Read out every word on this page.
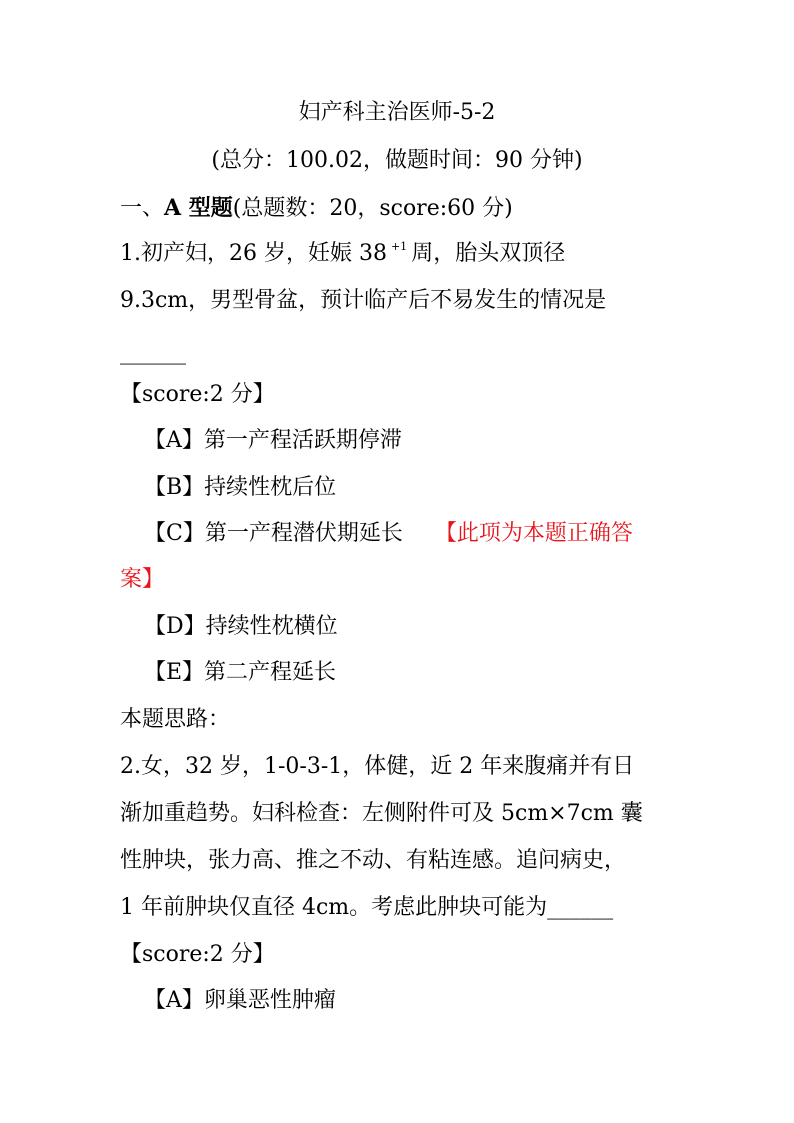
妇产科主治医师-5-2
(总分：100.02，做题时间：90 分钟)
一、A 型题(总题数：20，score:60 分)
1.初产妇，26 岁，妊娠 38 $^{+1}$ 周，胎头双顶径
9.3cm，男型骨盆，预计临产后不易发生的情况是
______
【score:2 分】
【A】第一产程活跃期停滞
【B】持续性枕后位
【C】第一产程潜伏期延长 【此项为本题正确答
案】
【D】持续性枕横位
【E】第二产程延长
本题思路：
2.女，32 岁，1-0-3-1，体健，近 2 年来腹痛并有日
渐加重趋势。妇科检查：左侧附件可及 5cm×7cm 囊
性肿块，张力高、推之不动、有粘连感。追问病史，
1 年前肿块仅直径 4cm。考虑此肿块可能为______
【score:2 分】
【A】卵巢恶性肿瘤
